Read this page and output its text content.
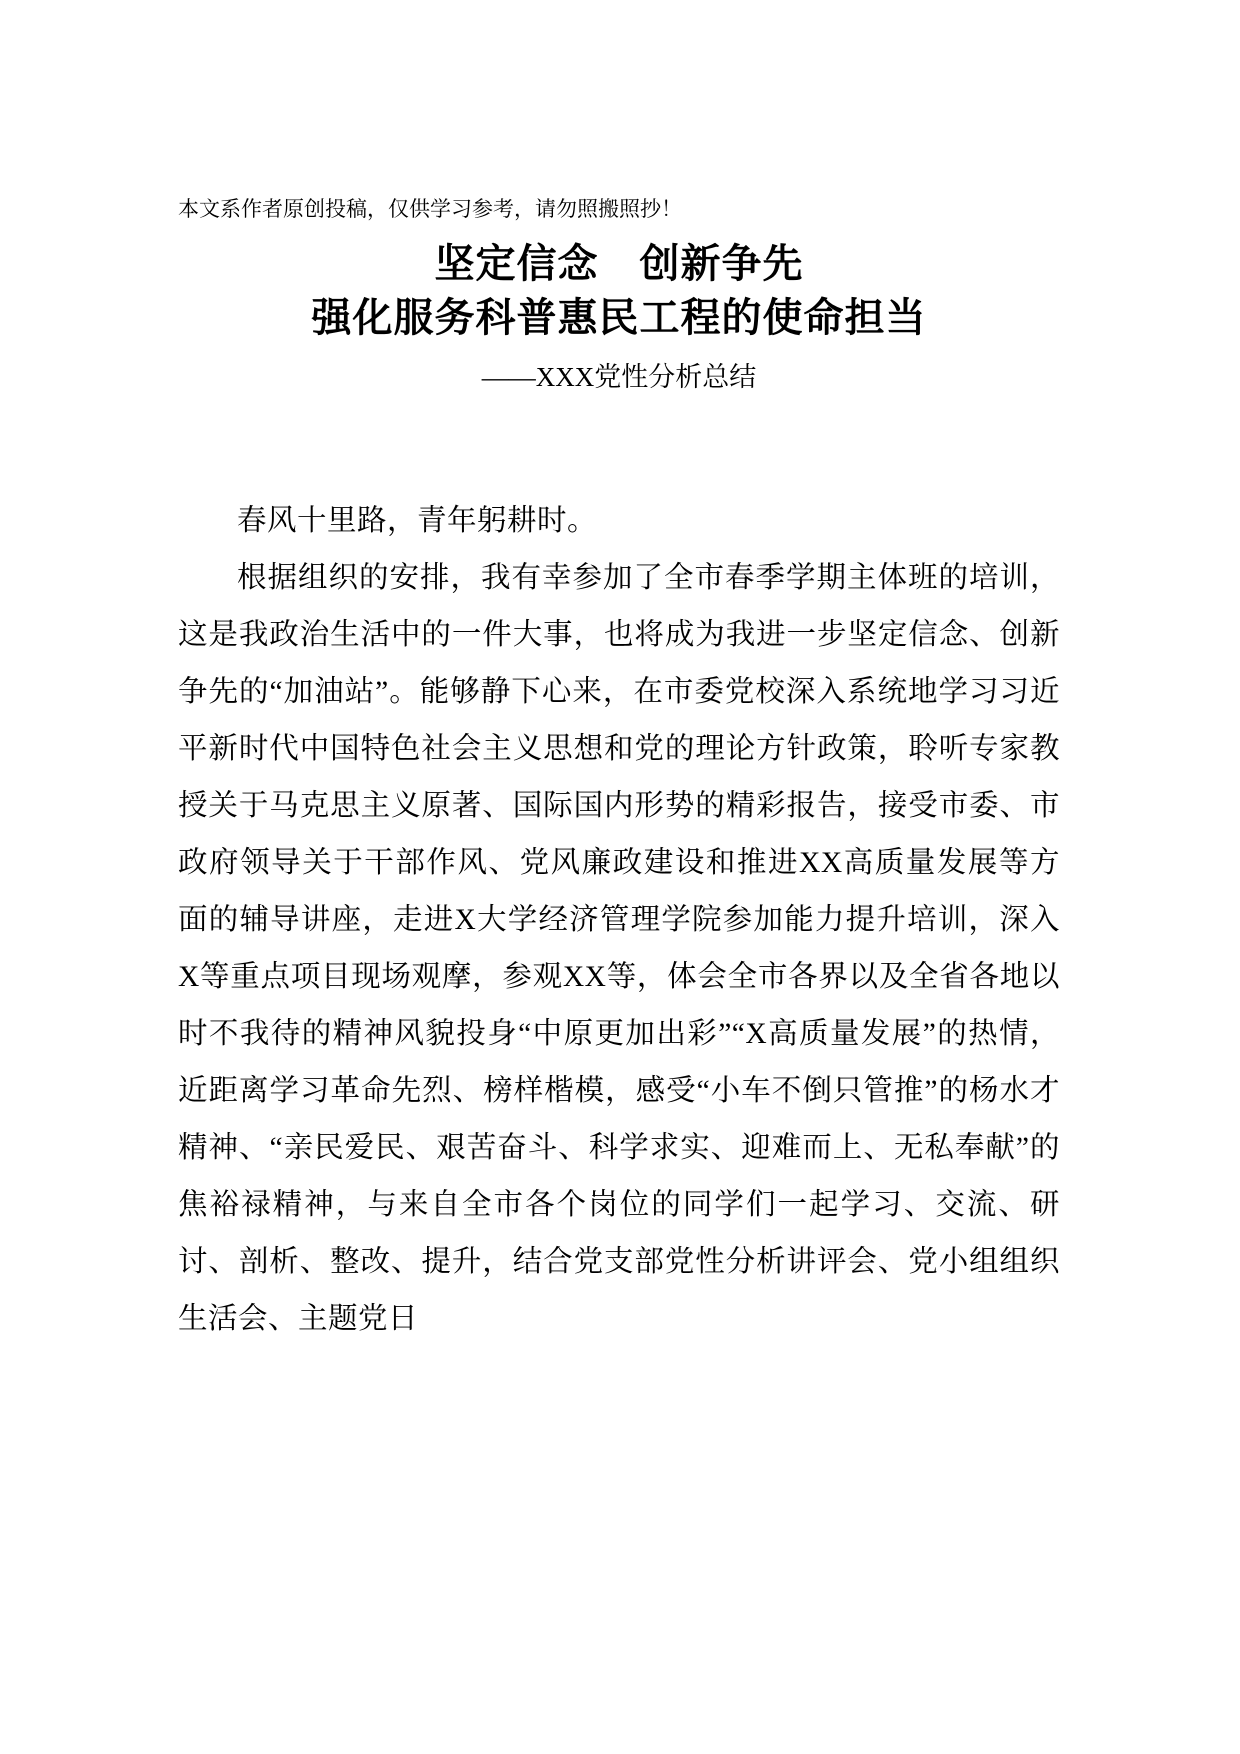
本文系作者原创投稿，仅供学习参考，请勿照搬照抄！

坚定信念　创新争先
强化服务科普惠民工程的使命担当

——XXX党性分析总结

春风十里路，青年躬耕时。

根据组织的安排，我有幸参加了全市春季学期主体班的培训，这是我政治生活中的一件大事，也将成为我进一步坚定信念、创新争先的“加油站”。能够静下心来，在市委党校深入系统地学习习近平新时代中国特色社会主义思想和党的理论方针政策，聆听专家教授关于马克思主义原著、国际国内形势的精彩报告，接受市委、市政府领导关于干部作风、党风廉政建设和推进XX高质量发展等方面的辅导讲座，走进X大学经济管理学院参加能力提升培训，深入X等重点项目现场观摩，参观XX等，体会全市各界以及全省各地以时不我待的精神风貌投身“中原更加出彩”“X高质量发展”的热情，近距离学习革命先烈、榜样楷模，感受“小车不倒只管推”的杨水才精神、“亲民爱民、艰苦奋斗、科学求实、迎难而上、无私奉献”的焦裕禄精神，与来自全市各个岗位的同学们一起学习、交流、研讨、剖析、整改、提升，结合党支部党性分析讲评会、党小组组织生活会、主题党日
